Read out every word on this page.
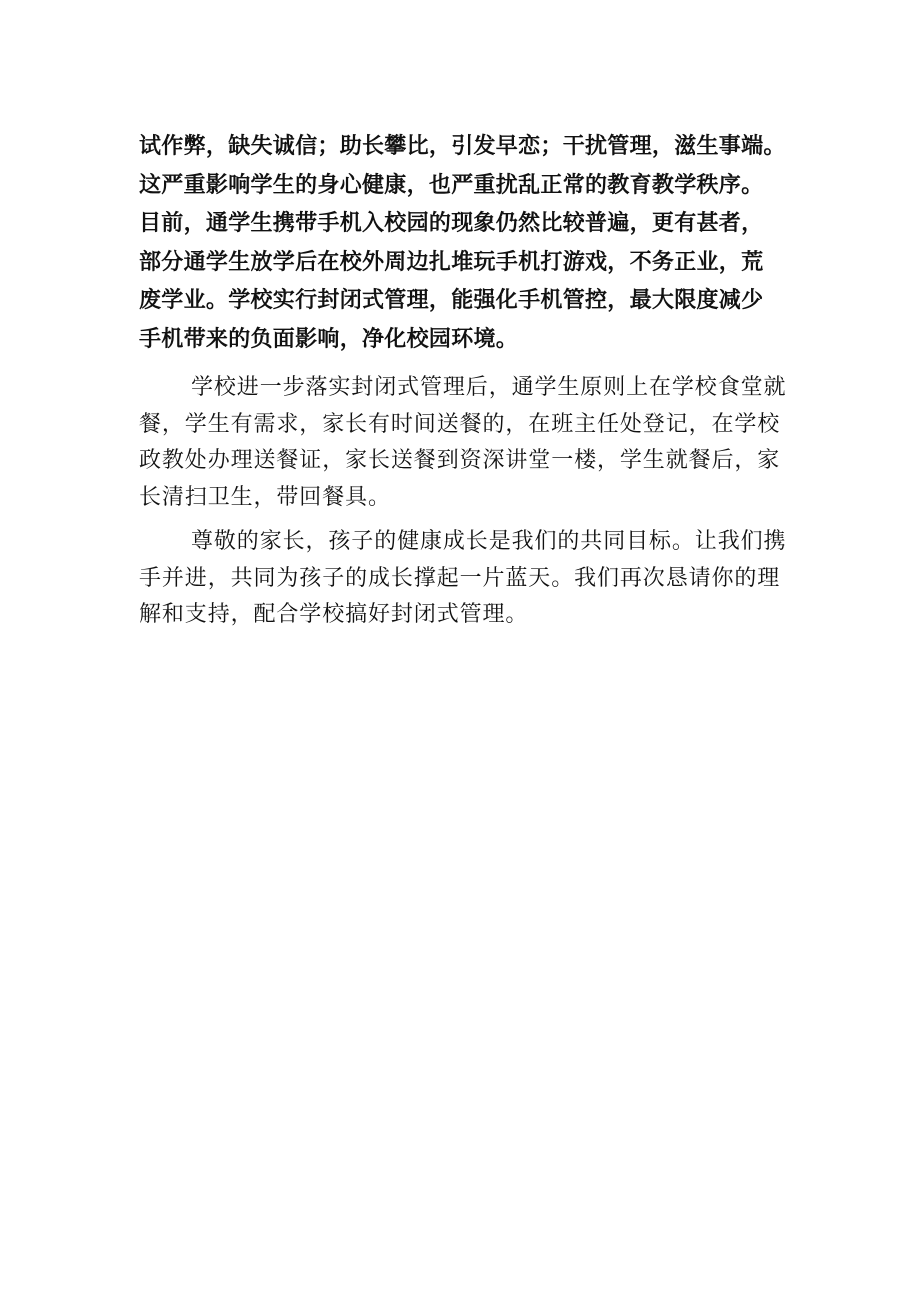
试作弊，缺失诚信；助长攀比，引发早恋；干扰管理，滋生事端。
这严重影响学生的身心健康，也严重扰乱正常的教育教学秩序。
目前，通学生携带手机入校园的现象仍然比较普遍，更有甚者，
部分通学生放学后在校外周边扎堆玩手机打游戏，不务正业，荒
废学业。学校实行封闭式管理，能强化手机管控，最大限度减少
手机带来的负面影响，净化校园环境。
学校进一步落实封闭式管理后，通学生原则上在学校食堂就
餐，学生有需求，家长有时间送餐的，在班主任处登记，在学校
政教处办理送餐证，家长送餐到资深讲堂一楼，学生就餐后，家
长清扫卫生，带回餐具。
尊敬的家长，孩子的健康成长是我们的共同目标。让我们携
手并进，共同为孩子的成长撑起一片蓝天。我们再次恳请你的理
解和支持，配合学校搞好封闭式管理。
